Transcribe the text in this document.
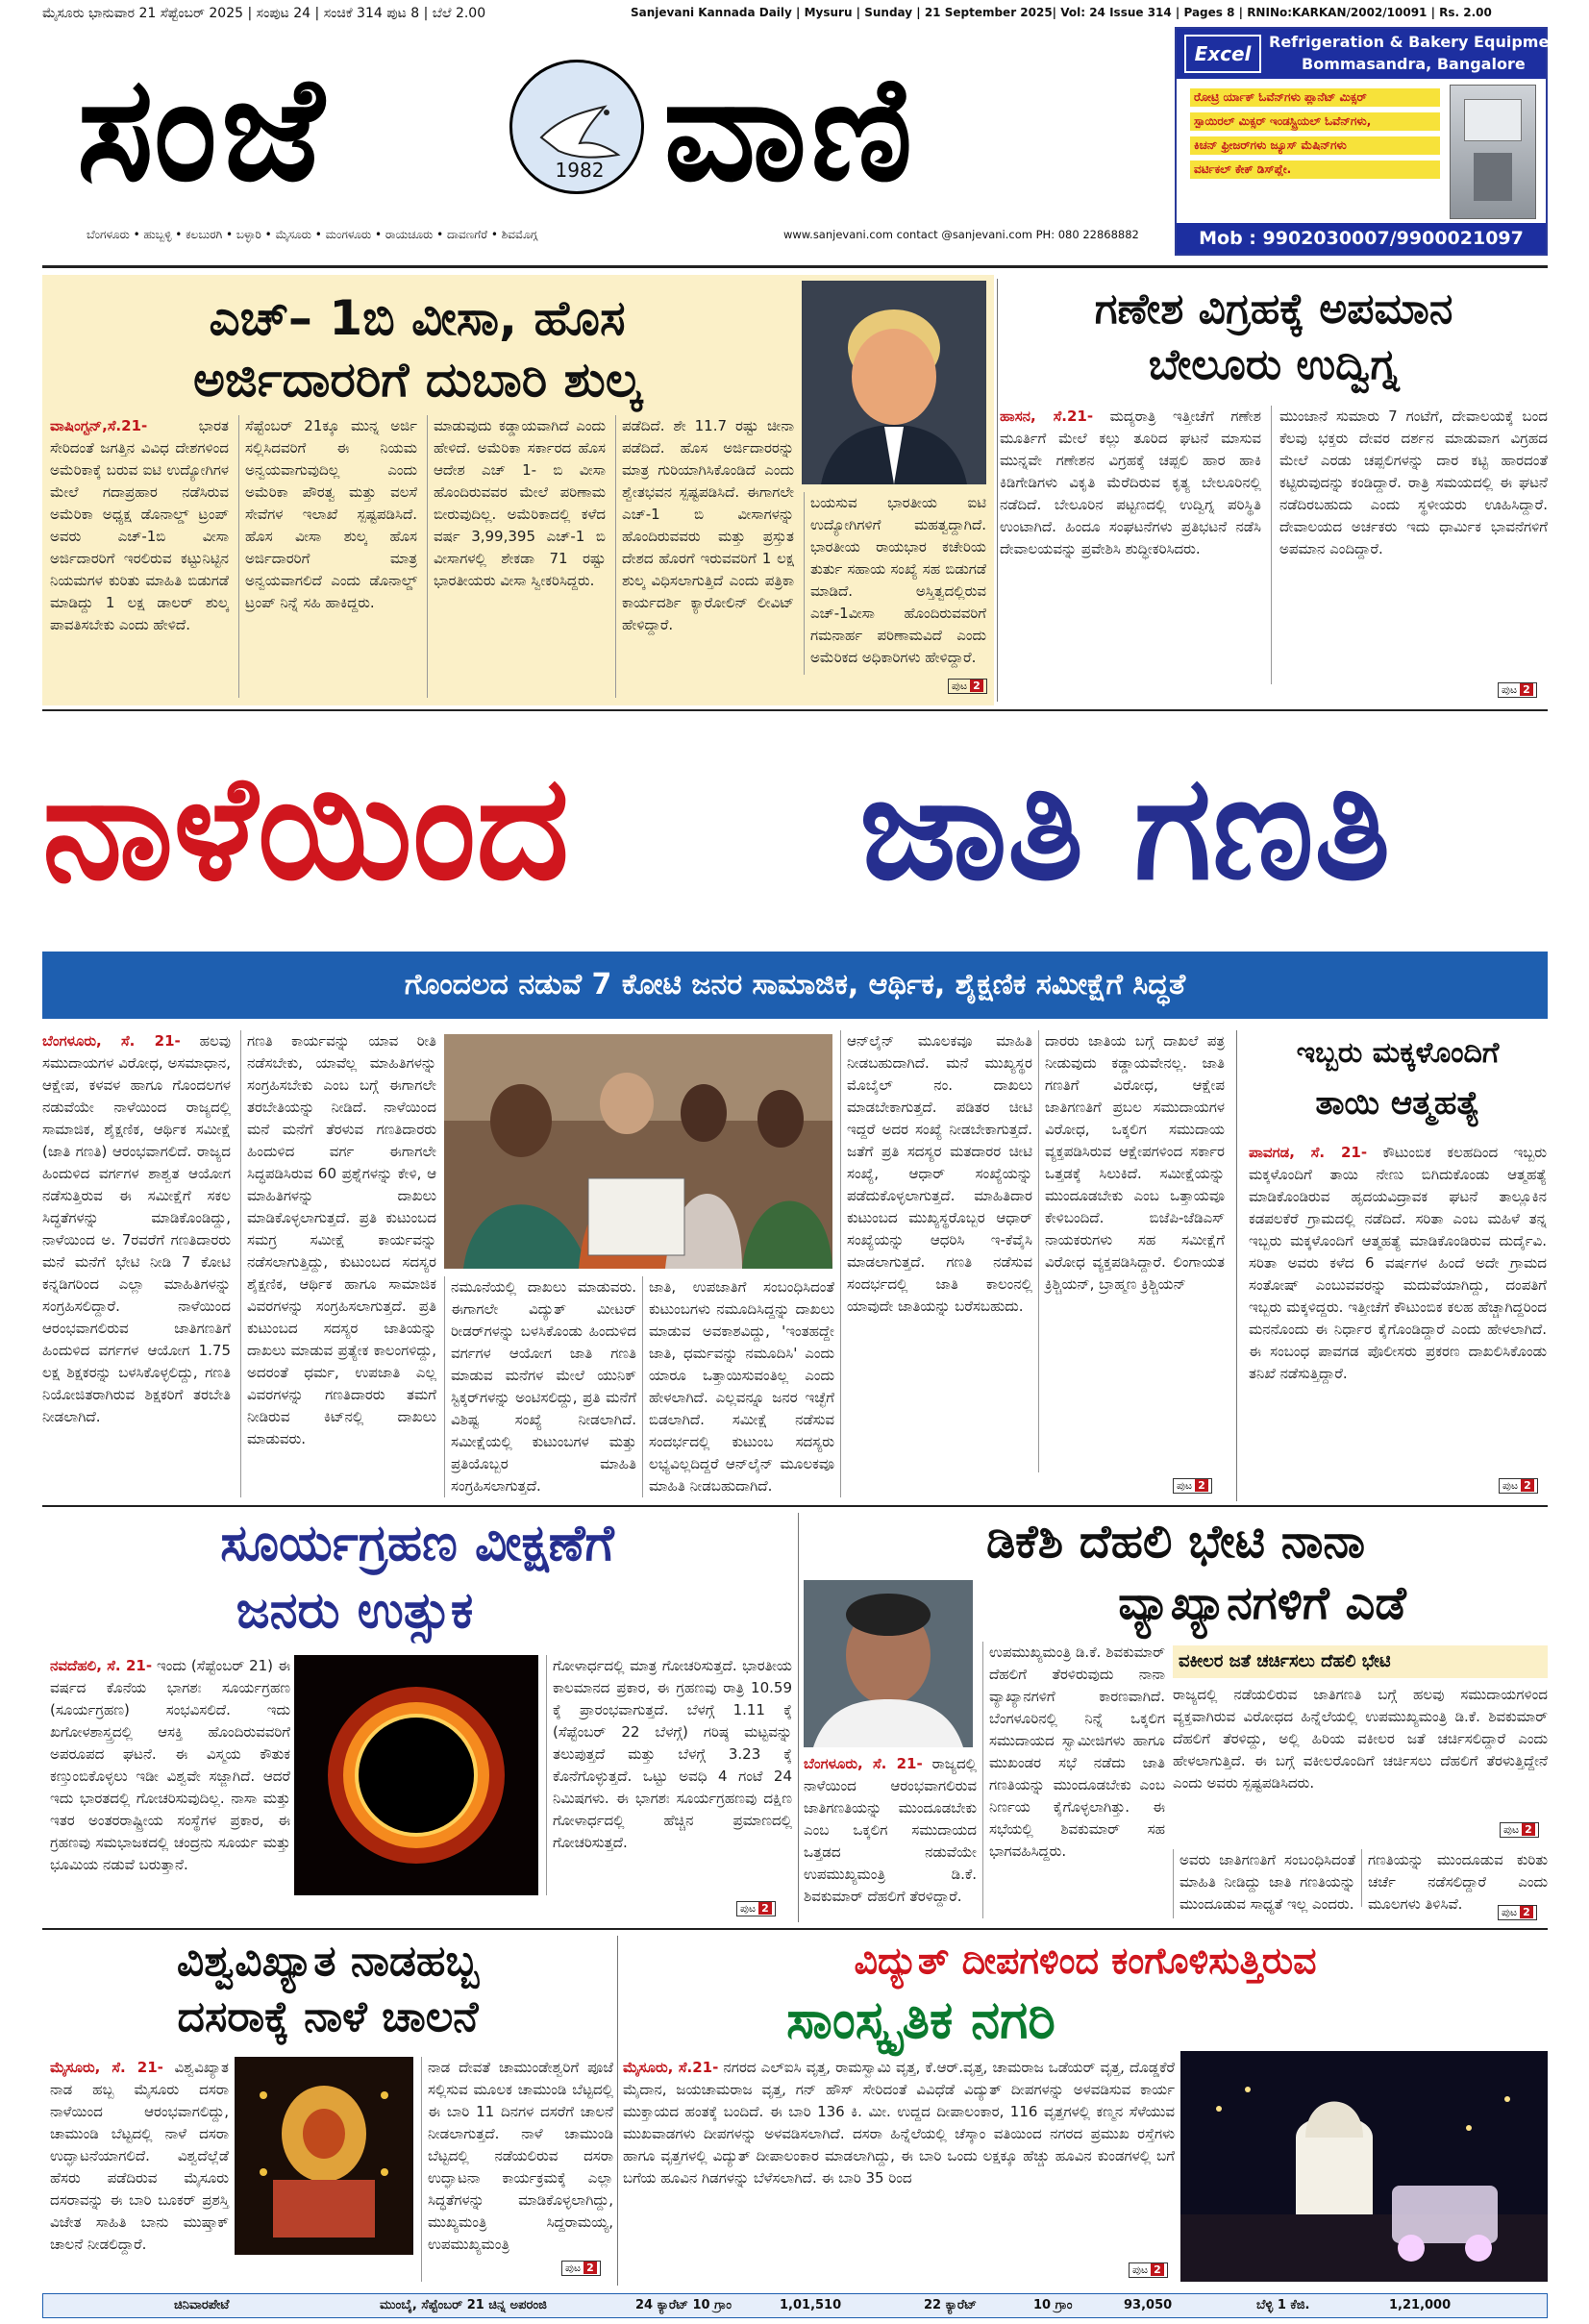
ಮೈಸೂರು ಭಾನುವಾರ 21 ಸೆಪ್ಟೆಂಬರ್ 2025 | ಸಂಪುಟ 24 | ಸಂಚಿಕೆ 314 ಪುಟ 8 | ಬೆಲೆ 2.00	Sanjevani Kannada Daily | Mysuru | Sunday | 21 September 2025| Vol: 24 Issue 314 | Pages 8 | RNINo:KARKAN/2002/10091 | Rs. 2.00
ಸಂಜೆ	1982 ವಾಣಿ
ಬೆಂಗಳೂರು • ಹುಬ್ಬಳ್ಳಿ • ಕಲಬುರಗಿ • ಬಳ್ಳಾರಿ • ಮೈಸೂರು • ಮಂಗಳೂರು • ರಾಯಚೂರು • ದಾವಣಗೆರೆ • ಶಿವಮೊಗ್ಗ	www.sanjevani.com contact @sanjevani.com PH: 080 22868882
Excel
Refrigeration & Bakery Equipment
Bommasandra, Bangalore
ರೋಟ್ರಿ ರ್ಯಾಕ್ ಓವೆನ್‌ಗಳು ಪ್ಲಾನೆಟ್ ಮಿಕ್ಸರ್
ಸ್ಪಾಯಿರಲ್ ಮಿಕ್ಸರ್ ಇಂಡಸ್ಟ್ರಿಯಲ್ ಓವೆನ್‌ಗಳು,
ಕಿಚನ್ ಫ್ರೀಜರ್‌ಗಳು ಜ್ಯೂಸ್ ಮೆಷಿನ್‌ಗಳು
ವರ್ಟಿಕಲ್ ಕೇಕ್ ಡಿಸ್‌ಪ್ಲೇ.
Mob : 9902030007/9900021097
ಎಚ್‌– 1ಬಿ ವೀಸಾ, ಹೊಸ
ಅರ್ಜಿದಾರರಿಗೆ ದುಬಾರಿ ಶುಲ್ಕ
ವಾಷಿಂಗ್ಟನ್,ಸೆ.21-	ಭಾರತ ಸೇರಿದಂತೆ ಜಗತ್ತಿನ ವಿವಿಧ ದೇಶಗಳಿಂದ ಅಮೆರಿಕಾಕ್ಕೆ ಬರುವ ಐಟಿ ಉದ್ಯೋಗಿಗಳ ಮೇಲೆ ಗದಾಪ್ರಹಾರ ನಡೆಸಿರುವ ಅಮೆರಿಕಾ ಅಧ್ಯಕ್ಷ ಡೊನಾಲ್ಡ್ ಟ್ರಂಪ್ ಅವರು ಎಚ್-1ಬಿ ವೀಸಾ ಅರ್ಜಿದಾರರಿಗೆ ಇರಲಿರುವ ಕಟ್ಟುನಿಟ್ಟಿನ ನಿಯಮಗಳ ಕುರಿತು ಮಾಹಿತಿ ಬಿಡುಗಡೆ ಮಾಡಿದ್ದು 1 ಲಕ್ಷ ಡಾಲರ್ ಶುಲ್ಕ ಪಾವತಿಸಬೇಕು ಎಂದು ಹೇಳಿದೆ.
ಸೆಪ್ಟೆಂಬರ್ 21ಕ್ಕೂ ಮುನ್ನ ಅರ್ಜಿ ಸಲ್ಲಿಸಿದವರಿಗೆ ಈ ನಿಯಮ ಅನ್ವಯವಾಗುವುದಿಲ್ಲ ಎಂದು ಅಮೆರಿಕಾ ಪೌರತ್ವ ಮತ್ತು ವಲಸೆ ಸೇವೆಗಳ ಇಲಾಖೆ ಸ್ಪಷ್ಟಪಡಿಸಿದೆ. ಹೊಸ ವೀಸಾ ಶುಲ್ಕ ಹೊಸ ಅರ್ಜಿದಾರರಿಗೆ ಮಾತ್ರ ಅನ್ವಯವಾಗಲಿದೆ ಎಂದು ಡೊನಾಲ್ಡ್ ಟ್ರಂಪ್ ನಿನ್ನೆ ಸಹಿ ಹಾಕಿದ್ದರು.
ಮಾಡುವುದು ಕಡ್ಡಾಯವಾಗಿದೆ ಎಂದು ಹೇಳಿದೆ. ಅಮೆರಿಕಾ ಸರ್ಕಾರದ ಹೊಸ ಆದೇಶ ಎಚ್ 1- ಬಿ ವೀಸಾ ಹೊಂದಿರುವವರ ಮೇಲೆ ಪರಿಣಾಮ ಬೀರುವುದಿಲ್ಲ. ಅಮೆರಿಕಾದಲ್ಲಿ ಕಳೆದ ವರ್ಷ 3,99,395 ಎಚ್-1 ಬಿ ವೀಸಾಗಳಲ್ಲಿ ಶೇಕಡಾ 71 ರಷ್ಟು ಭಾರತೀಯರು ವೀಸಾ ಸ್ವೀಕರಿಸಿದ್ದರು.
ಪಡೆದಿದೆ. ಶೇ 11.7 ರಷ್ಟು ಚೀನಾ ಪಡೆದಿದೆ. ಹೊಸ ಅರ್ಜಿದಾರರನ್ನು ಮಾತ್ರ ಗುರಿಯಾಗಿಸಿಕೊಂಡಿದೆ ಎಂದು ಶ್ವೇತಭವನ ಸ್ಪಷ್ಟಪಡಿಸಿದೆ. ಈಗಾಗಲೇ ಎಚ್-1 ಬಿ ವೀಸಾಗಳನ್ನು ಹೊಂದಿರುವವರು ಮತ್ತು ಪ್ರಸ್ತುತ ದೇಶದ ಹೊರಗೆ ಇರುವವರಿಗೆ 1 ಲಕ್ಷ ಶುಲ್ಕ ವಿಧಿಸಲಾಗುತ್ತಿದೆ ಎಂದು ಪತ್ರಿಕಾ ಕಾರ್ಯದರ್ಶಿ ಕ್ಯಾರೋಲಿನ್ ಲೀವಿಟ್ ಹೇಳಿದ್ದಾರೆ.
ಬಯಸುವ ಭಾರತೀಯ ಐಟಿ ಉದ್ಯೋಗಿಗಳಿಗೆ ಮಹತ್ವದ್ದಾಗಿದೆ. ಭಾರತೀಯ ರಾಯಭಾರ ಕಚೇರಿಯ ತುರ್ತು ಸಹಾಯ ಸಂಖ್ಯೆ ಸಹ ಬಿಡುಗಡೆ ಮಾಡಿದೆ. ಅಸ್ತಿತ್ವದಲ್ಲಿರುವ ಎಚ್-1ವೀಸಾ ಹೊಂದಿರುವವರಿಗೆ ಗಮನಾರ್ಹ ಪರಿಣಾಮವಿದೆ ಎಂದು ಅಮೆರಿಕದ ಅಧಿಕಾರಿಗಳು ಹೇಳಿದ್ದಾರೆ.
ಪುಟ 2
ಗಣೇಶ ವಿಗ್ರಹಕ್ಕೆ ಅಪಮಾನ
ಬೇಲೂರು ಉದ್ವಿಗ್ನ
ಹಾಸನ, ಸೆ.21- ಮದ್ಯರಾತ್ರಿ ಇತ್ತೀಚೆಗೆ ಗಣೇಶ ಮೂರ್ತಿಗೆ ಮೇಲೆ ಕಲ್ಲು ತೂರಿದ ಘಟನೆ ಮಾಸುವ ಮುನ್ನವೇ ಗಣೇಶನ ವಿಗ್ರಹಕ್ಕೆ ಚಪ್ಪಲಿ ಹಾರ ಹಾಕಿ ಕಿಡಿಗೇಡಿಗಳು ವಿಕೃತಿ ಮೆರೆದಿರುವ ಕೃತ್ಯ ಬೇಲೂರಿನಲ್ಲಿ ನಡೆದಿದೆ. ಬೇಲೂರಿನ ಪಟ್ಟಣದಲ್ಲಿ ಉದ್ವಿಗ್ನ ಪರಿಸ್ಥಿತಿ ಉಂಟಾಗಿದೆ. ಹಿಂದೂ ಸಂಘಟನೆಗಳು ಪ್ರತಿಭಟನೆ ನಡೆಸಿ ದೇವಾಲಯವನ್ನು ಪ್ರವೇಶಿಸಿ ಶುದ್ಧೀಕರಿಸಿದರು.
ಮುಂಜಾನೆ ಸುಮಾರು 7 ಗಂಟೆಗೆ, ದೇವಾಲಯಕ್ಕೆ ಬಂದ ಕೆಲವು ಭಕ್ತರು ದೇವರ ದರ್ಶನ ಮಾಡುವಾಗ ವಿಗ್ರಹದ ಮೇಲೆ ಎರಡು ಚಪ್ಪಲಿಗಳನ್ನು ದಾರ ಕಟ್ಟಿ ಹಾರದಂತೆ ಕಟ್ಟಿರುವುದನ್ನು ಕಂಡಿದ್ದಾರೆ. ರಾತ್ರಿ ಸಮಯದಲ್ಲಿ ಈ ಘಟನೆ ನಡೆದಿರಬಹುದು ಎಂದು ಸ್ಥಳೀಯರು ಊಹಿಸಿದ್ದಾರೆ. ದೇವಾಲಯದ ಅರ್ಚಕರು ಇದು ಧಾರ್ಮಿಕ ಭಾವನೆಗಳಿಗೆ ಅಪಮಾನ ಎಂದಿದ್ದಾರೆ.
ಪುಟ 2
ನಾಳೆಯಿಂದ ಜಾತಿ ಗಣತಿ
ಗೊಂದಲದ ನಡುವೆ 7 ಕೋಟಿ ಜನರ ಸಾಮಾಜಿಕ, ಆರ್ಥಿಕ, ಶೈಕ್ಷಣಿಕ ಸಮೀಕ್ಷೆಗೆ ಸಿದ್ಧತೆ
ಬೆಂಗಳೂರು, ಸೆ. 21- ಹಲವು ಸಮುದಾಯಗಳ ವಿರೋಧ, ಅಸಮಾಧಾನ, ಆಕ್ಷೇಪ, ಕಳವಳ ಹಾಗೂ ಗೊಂದಲಗಳ ನಡುವೆಯೇ ನಾಳೆಯಿಂದ ರಾಜ್ಯದಲ್ಲಿ ಸಾಮಾಜಿಕ, ಶೈಕ್ಷಣಿಕ, ಆರ್ಥಿಕ ಸಮೀಕ್ಷೆ (ಜಾತಿ ಗಣತಿ) ಆರಂಭವಾಗಲಿದೆ. ರಾಜ್ಯದ ಹಿಂದುಳಿದ ವರ್ಗಗಳ ಶಾಶ್ವತ ಆಯೋಗ ನಡೆಸುತ್ತಿರುವ ಈ ಸಮೀಕ್ಷೆಗೆ ಸಕಲ ಸಿದ್ಧತೆಗಳನ್ನು ಮಾಡಿಕೊಂಡಿದ್ದು, ನಾಳೆಯಿಂದ ಅ. 7ರವರೆಗೆ ಗಣತಿದಾರರು ಮನೆ ಮನೆಗೆ ಭೇಟಿ ನೀಡಿ 7 ಕೋಟಿ ಕನ್ನಡಿಗರಿಂದ ಎಲ್ಲಾ ಮಾಹಿತಿಗಳನ್ನು ಸಂಗ್ರಹಿಸಲಿದ್ದಾರೆ. ನಾಳೆಯಿಂದ ಆರಂಭವಾಗಲಿರುವ ಜಾತಿಗಣತಿಗೆ ಹಿಂದುಳಿದ ವರ್ಗಗಳ ಆಯೋಗ 1.75 ಲಕ್ಷ ಶಿಕ್ಷಕರನ್ನು ಬಳಸಿಕೊಳ್ಳಲಿದ್ದು, ಗಣತಿ ನಿಯೋಜಿತರಾಗಿರುವ ಶಿಕ್ಷಕರಿಗೆ ತರಬೇತಿ ನೀಡಲಾಗಿದೆ.
ಗಣತಿ ಕಾರ್ಯವನ್ನು ಯಾವ ರೀತಿ ನಡೆಸಬೇಕು, ಯಾವೆಲ್ಲ ಮಾಹಿತಿಗಳನ್ನು ಸಂಗ್ರಹಿಸಬೇಕು ಎಂಬ ಬಗ್ಗೆ ಈಗಾಗಲೇ ತರಬೇತಿಯನ್ನು ನೀಡಿದೆ. ನಾಳೆಯಿಂದ ಮನೆ ಮನೆಗೆ ತೆರಳುವ ಗಣತಿದಾರರು ಹಿಂದುಳಿದ ವರ್ಗ ಈಗಾಗಲೇ ಸಿದ್ಧಪಡಿಸಿರುವ 60 ಪ್ರಶ್ನೆಗಳನ್ನು ಕೇಳಿ, ಆ ಮಾಹಿತಿಗಳನ್ನು ದಾಖಲು ಮಾಡಿಕೊಳ್ಳಲಾಗುತ್ತದೆ. ಪ್ರತಿ ಕುಟುಂಬದ ಸಮಗ್ರ ಸಮೀಕ್ಷೆ ಕಾರ್ಯವನ್ನು ನಡೆಸಲಾಗುತ್ತಿದ್ದು, ಕುಟುಂಬದ ಸದಸ್ಯರ ಶೈಕ್ಷಣಿಕ, ಆರ್ಥಿಕ ಹಾಗೂ ಸಾಮಾಜಿಕ ವಿವರಗಳನ್ನು ಸಂಗ್ರಹಿಸಲಾಗುತ್ತದೆ. ಪ್ರತಿ ಕುಟುಂಬದ ಸದಸ್ಯರ ಜಾತಿಯನ್ನು ದಾಖಲು ಮಾಡುವ ಪ್ರತ್ಯೇಕ ಕಾಲಂಗಳಿದ್ದು, ಅದರಂತೆ ಧರ್ಮ, ಉಪಜಾತಿ ಎಲ್ಲ ವಿವರಗಳನ್ನು ಗಣತಿದಾರರು ತಮಗೆ ನೀಡಿರುವ ಕಿಟ್‌ನಲ್ಲಿ ದಾಖಲು ಮಾಡುವರು.
ನಮೂನೆಯಲ್ಲಿ ದಾಖಲು ಮಾಡುವರು. ಈಗಾಗಲೇ ವಿದ್ಯುತ್ ಮೀಟರ್ ರೀಡರ್‌ಗಳನ್ನು ಬಳಸಿಕೊಂಡು ಹಿಂದುಳಿದ ವರ್ಗಗಳ ಆಯೋಗ ಜಾತಿ ಗಣತಿ ಮಾಡುವ ಮನೆಗಳ ಮೇಲೆ ಯುನಿಕ್ ಸ್ಟಿಕ್ಕರ್‌ಗಳನ್ನು ಅಂಟಿಸಲಿದ್ದು, ಪ್ರತಿ ಮನೆಗೆ ವಿಶಿಷ್ಟ ಸಂಖ್ಯೆ ನೀಡಲಾಗಿದೆ. ಸಮೀಕ್ಷೆಯಲ್ಲಿ ಕುಟುಂಬಗಳ ಮತ್ತು ಪ್ರತಿಯೊಬ್ಬರ ಮಾಹಿತಿ ಸಂಗ್ರಹಿಸಲಾಗುತ್ತದೆ.
ಜಾತಿ, ಉಪಜಾತಿಗೆ ಸಂಬಂಧಿಸಿದಂತೆ ಕುಟುಂಬಗಳು ನಮೂದಿಸಿದ್ದನ್ನು ದಾಖಲು ಮಾಡುವ ಅವಕಾಶವಿದ್ದು, 'ಇಂತಹದ್ದೇ ಜಾತಿ, ಧರ್ಮವನ್ನು ನಮೂದಿಸಿ' ಎಂದು ಯಾರೂ ಒತ್ತಾಯಿಸುವಂತಿಲ್ಲ ಎಂದು ಹೇಳಲಾಗಿದೆ. ಎಲ್ಲವನ್ನೂ ಜನರ ಇಚ್ಛೆಗೆ ಬಿಡಲಾಗಿದೆ. ಸಮೀಕ್ಷೆ ನಡೆಸುವ ಸಂದರ್ಭದಲ್ಲಿ ಕುಟುಂಬ ಸದಸ್ಯರು ಲಭ್ಯವಿಲ್ಲದಿದ್ದರೆ ಆನ್‌ಲೈನ್ ಮೂಲಕವೂ ಮಾಹಿತಿ ನೀಡಬಹುದಾಗಿದೆ.
ಆನ್‌ಲೈನ್ ಮೂಲಕವೂ ಮಾಹಿತಿ ನೀಡಬಹುದಾಗಿದೆ. ಮನೆ ಮುಖ್ಯಸ್ಥರ ಮೊಬೈಲ್ ನಂ. ದಾಖಲು ಮಾಡಬೇಕಾಗುತ್ತದೆ. ಪಡಿತರ ಚೀಟಿ ಇದ್ದರೆ ಅದರ ಸಂಖ್ಯೆ ನೀಡಬೇಕಾಗುತ್ತದೆ. ಜತೆಗೆ ಪ್ರತಿ ಸದಸ್ಯರ ಮತದಾರರ ಚೀಟಿ ಸಂಖ್ಯೆ, ಆಧಾರ್ ಸಂಖ್ಯೆಯನ್ನು ಪಡೆದುಕೊಳ್ಳಲಾಗುತ್ತದೆ. ಮಾಹಿತಿದಾರ ಕುಟುಂಬದ ಮುಖ್ಯಸ್ಥರೊಬ್ಬರ ಆಧಾರ್ ಸಂಖ್ಯೆಯನ್ನು ಆಧರಿಸಿ ಇ-ಕೆವೈಸಿ ಮಾಡಲಾಗುತ್ತದೆ. ಗಣತಿ ನಡೆಸುವ ಸಂದರ್ಭದಲ್ಲಿ ಜಾತಿ ಕಾಲಂನಲ್ಲಿ ಯಾವುದೇ ಜಾತಿಯನ್ನು ಬರೆಸಬಹುದು.
ದಾರರು ಜಾತಿಯ ಬಗ್ಗೆ ದಾಖಲೆ ಪತ್ರ ನೀಡುವುದು ಕಡ್ಡಾಯವೇನಲ್ಲ. ಜಾತಿ ಗಣತಿಗೆ ವಿರೋಧ, ಆಕ್ಷೇಪ ಜಾತಿಗಣತಿಗೆ ಪ್ರಬಲ ಸಮುದಾಯಗಳ ವಿರೋಧ, ಒಕ್ಕಲಿಗ ಸಮುದಾಯ ವ್ಯಕ್ತಪಡಿಸಿರುವ ಆಕ್ಷೇಪಗಳಿಂದ ಸರ್ಕಾರ ಒತ್ತಡಕ್ಕೆ ಸಿಲುಕಿದೆ. ಸಮೀಕ್ಷೆಯನ್ನು ಮುಂದೂಡಬೇಕು ಎಂಬ ಒತ್ತಾಯವೂ ಕೇಳಿಬಂದಿದೆ. ಬಿಜೆಪಿ-ಜೆಡಿಎಸ್ ನಾಯಕರುಗಳು ಸಹ ಸಮೀಕ್ಷೆಗೆ ವಿರೋಧ ವ್ಯಕ್ತಪಡಿಸಿದ್ದಾರೆ. ಲಿಂಗಾಯತ ಕ್ರಿಶ್ಚಿಯನ್, ಬ್ರಾಹ್ಮಣ ಕ್ರಿಶ್ಚಿಯನ್
ಪುಟ 2
ಇಬ್ಬರು ಮಕ್ಕಳೊಂದಿಗೆ
ತಾಯಿ ಆತ್ಮಹತ್ಯೆ
ಪಾವಗಡ, ಸೆ. 21- ಕೌಟುಂಬಿಕ ಕಲಹದಿಂದ ಇಬ್ಬರು ಮಕ್ಕಳೊಂದಿಗೆ ತಾಯಿ ನೇಣು ಬಿಗಿದುಕೊಂಡು ಆತ್ಮಹತ್ಯೆ ಮಾಡಿಕೊಂಡಿರುವ ಹೃದಯವಿದ್ರಾವಕ ಘಟನೆ ತಾಲ್ಲೂಕಿನ ಕಡಪಲಕೆರೆ ಗ್ರಾಮದಲ್ಲಿ ನಡೆದಿದೆ. ಸರಿತಾ ಎಂಬ ಮಹಿಳೆ ತನ್ನ ಇಬ್ಬರು ಮಕ್ಕಳೊಂದಿಗೆ ಆತ್ಮಹತ್ಯೆ ಮಾಡಿಕೊಂಡಿರುವ ದುರ್ದೈವಿ. ಸರಿತಾ ಅವರು ಕಳೆದ 6 ವರ್ಷಗಳ ಹಿಂದೆ ಅದೇ ಗ್ರಾಮದ ಸಂತೋಷ್ ಎಂಬುವವರನ್ನು ಮದುವೆಯಾಗಿದ್ದು, ದಂಪತಿಗೆ ಇಬ್ಬರು ಮಕ್ಕಳಿದ್ದರು. ಇತ್ತೀಚೆಗೆ ಕೌಟುಂಬಿಕ ಕಲಹ ಹೆಚ್ಚಾಗಿದ್ದರಿಂದ ಮನನೊಂದು ಈ ನಿರ್ಧಾರ ಕೈಗೊಂಡಿದ್ದಾರೆ ಎಂದು ಹೇಳಲಾಗಿದೆ. ಈ ಸಂಬಂಧ ಪಾವಗಡ ಪೊಲೀಸರು ಪ್ರಕರಣ ದಾಖಲಿಸಿಕೊಂಡು ತನಿಖೆ ನಡೆಸುತ್ತಿದ್ದಾರೆ.
ಪುಟ 2
ಸೂರ್ಯಗ್ರಹಣ ವೀಕ್ಷಣೆಗೆ
ಜನರು ಉತ್ಸುಕ
ನವದೆಹಲಿ, ಸೆ. 21- ಇಂದು (ಸೆಪ್ಟೆಂಬರ್ 21) ಈ ವರ್ಷದ ಕೊನೆಯ ಭಾಗಶಃ ಸೂರ್ಯಗ್ರಹಣ (ಸೂರ್ಯಗ್ರಹಣ) ಸಂಭವಿಸಲಿದೆ. ಇದು ಖಗೋಳಶಾಸ್ತ್ರದಲ್ಲಿ ಆಸಕ್ತಿ ಹೊಂದಿರುವವರಿಗೆ ಅಪರೂಪದ ಘಟನೆ. ಈ ವಿಸ್ಮಯ ಕೌತುಕ ಕಣ್ತುಂಬಿಕೊಳ್ಳಲು ಇಡೀ ವಿಶ್ವವೇ ಸಜ್ಜಾಗಿದೆ. ಆದರೆ ಇದು ಭಾರತದಲ್ಲಿ ಗೋಚರಿಸುವುದಿಲ್ಲ. ನಾಸಾ ಮತ್ತು ಇತರ ಅಂತರರಾಷ್ಟ್ರೀಯ ಸಂಸ್ಥೆಗಳ ಪ್ರಕಾರ, ಈ ಗ್ರಹಣವು ಸಮಭಾಜಕದಲ್ಲಿ ಚಂದ್ರನು ಸೂರ್ಯ ಮತ್ತು ಭೂಮಿಯ ನಡುವೆ ಬರುತ್ತಾನೆ.
ಗೋಳಾರ್ಧದಲ್ಲಿ ಮಾತ್ರ ಗೋಚರಿಸುತ್ತದೆ. ಭಾರತೀಯ ಕಾಲಮಾನದ ಪ್ರಕಾರ, ಈ ಗ್ರಹಣವು ರಾತ್ರಿ 10.59 ಕ್ಕೆ ಪ್ರಾರಂಭವಾಗುತ್ತದೆ. ಬೆಳಗ್ಗೆ 1.11 ಕ್ಕೆ (ಸೆಪ್ಟೆಂಬರ್ 22 ಬೆಳಗ್ಗೆ) ಗರಿಷ್ಠ ಮಟ್ಟವನ್ನು ತಲುಪುತ್ತದೆ ಮತ್ತು ಬೆಳಗ್ಗೆ 3.23 ಕ್ಕೆ ಕೊನೆಗೊಳ್ಳುತ್ತದೆ. ಒಟ್ಟು ಅವಧಿ 4 ಗಂಟೆ 24 ನಿಮಿಷಗಳು. ಈ ಭಾಗಶಃ ಸೂರ್ಯಗ್ರಹಣವು ದಕ್ಷಿಣ ಗೋಳಾರ್ಧದಲ್ಲಿ ಹೆಚ್ಚಿನ ಪ್ರಮಾಣದಲ್ಲಿ ಗೋಚರಿಸುತ್ತದೆ.
ಪುಟ 2
ಡಿಕೆಶಿ ದೆಹಲಿ ಭೇಟಿ ನಾನಾ
ವ್ಯಾಖ್ಯಾನಗಳಿಗೆ ಎಡೆ
ಬೆಂಗಳೂರು, ಸೆ. 21- ರಾಜ್ಯದಲ್ಲಿ ನಾಳೆಯಿಂದ ಆರಂಭವಾಗಲಿರುವ ಜಾತಿಗಣತಿಯನ್ನು ಮುಂದೂಡಬೇಕು ಎಂಬ ಒಕ್ಕಲಿಗ ಸಮುದಾಯದ ಒತ್ತಡದ ನಡುವೆಯೇ ಉಪಮುಖ್ಯಮಂತ್ರಿ ಡಿ.ಕೆ. ಶಿವಕುಮಾರ್ ದೆಹಲಿಗೆ ತೆರಳಿದ್ದಾರೆ.
ಉಪಮುಖ್ಯಮಂತ್ರಿ ಡಿ.ಕೆ. ಶಿವಕುಮಾರ್ ದೆಹಲಿಗೆ ತೆರಳಿರುವುದು ನಾನಾ ವ್ಯಾಖ್ಯಾನಗಳಿಗೆ ಕಾರಣವಾಗಿದೆ. ಬೆಂಗಳೂರಿನಲ್ಲಿ ನಿನ್ನೆ ಒಕ್ಕಲಿಗ ಸಮುದಾಯದ ಸ್ವಾಮೀಜಿಗಳು ಹಾಗೂ ಮುಖಂಡರ ಸಭೆ ನಡೆದು ಜಾತಿ ಗಣತಿಯನ್ನು ಮುಂದೂಡಬೇಕು ಎಂಬ ನಿರ್ಣಯ ಕೈಗೊಳ್ಳಲಾಗಿತ್ತು. ಈ ಸಭೆಯಲ್ಲಿ ಶಿವಕುಮಾರ್ ಸಹ ಭಾಗವಹಿಸಿದ್ದರು.
ವಕೀಲರ ಜತೆ ಚರ್ಚಿಸಲು ದೆಹಲಿ ಭೇಟಿ
ರಾಜ್ಯದಲ್ಲಿ ನಡೆಯಲಿರುವ ಜಾತಿಗಣತಿ ಬಗ್ಗೆ ಹಲವು ಸಮುದಾಯಗಳಿಂದ ವ್ಯಕ್ತವಾಗಿರುವ ವಿರೋಧದ ಹಿನ್ನೆಲೆಯಲ್ಲಿ ಉಪಮುಖ್ಯಮಂತ್ರಿ ಡಿ.ಕೆ. ಶಿವಕುಮಾರ್ ದೆಹಲಿಗೆ ತೆರಳಿದ್ದು, ಅಲ್ಲಿ ಹಿರಿಯ ವಕೀಲರ ಜತೆ ಚರ್ಚಿಸಲಿದ್ದಾರೆ ಎಂದು ಹೇಳಲಾಗುತ್ತಿದೆ. ಈ ಬಗ್ಗೆ ವಕೀಲರೊಂದಿಗೆ ಚರ್ಚಿಸಲು ದೆಹಲಿಗೆ ತೆರಳುತ್ತಿದ್ದೇನೆ ಎಂದು ಅವರು ಸ್ಪಷ್ಟಪಡಿಸಿದರು.
ಪುಟ 2
ಅವರು ಜಾತಿಗಣತಿಗೆ ಸಂಬಂಧಿಸಿದಂತೆ ಮಾಹಿತಿ ನೀಡಿದ್ದು ಜಾತಿ ಗಣತಿಯನ್ನು ಮುಂದೂಡುವ ಸಾಧ್ಯತೆ ಇಲ್ಲ ಎಂದರು.
ಗಣತಿಯನ್ನು ಮುಂದೂಡುವ ಕುರಿತು ಚರ್ಚೆ ನಡೆಸಲಿದ್ದಾರೆ ಎಂದು ಮೂಲಗಳು ತಿಳಿಸಿವೆ.	ಪುಟ 2
ವಿಶ್ವವಿಖ್ಯಾತ ನಾಡಹಬ್ಬ
ದಸರಾಕ್ಕೆ ನಾಳೆ ಚಾಲನೆ
ಮೈಸೂರು, ಸೆ. 21- ವಿಶ್ವವಿಖ್ಯಾತ ನಾಡ ಹಬ್ಬ ಮೈಸೂರು ದಸರಾ ನಾಳೆಯಿಂದ ಆರಂಭವಾಗಲಿದ್ದು, ಚಾಮುಂಡಿ ಬೆಟ್ಟದಲ್ಲಿ ನಾಳೆ ದಸರಾ ಉದ್ಘಾಟನೆಯಾಗಲಿದೆ. ವಿಶ್ವದೆಲ್ಲೆಡೆ ಹೆಸರು ಪಡೆದಿರುವ ಮೈಸೂರು ದಸರಾವನ್ನು ಈ ಬಾರಿ ಬೂಕರ್ ಪ್ರಶಸ್ತಿ ವಿಜೇತ ಸಾಹಿತಿ ಬಾನು ಮುಷ್ತಾಕ್ ಚಾಲನೆ ನೀಡಲಿದ್ದಾರೆ.
ನಾಡ ದೇವತೆ ಚಾಮುಂಡೇಶ್ವರಿಗೆ ಪೂಜೆ ಸಲ್ಲಿಸುವ ಮೂಲಕ ಚಾಮುಂಡಿ ಬೆಟ್ಟದಲ್ಲಿ ಈ ಬಾರಿ 11 ದಿನಗಳ ದಸರೆಗೆ ಚಾಲನೆ ನೀಡಲಾಗುತ್ತದೆ. ನಾಳೆ ಚಾಮುಂಡಿ ಬೆಟ್ಟದಲ್ಲಿ ನಡೆಯಲಿರುವ ದಸರಾ ಉದ್ಘಾಟನಾ ಕಾರ್ಯಕ್ರಮಕ್ಕೆ ಎಲ್ಲಾ ಸಿದ್ಧತೆಗಳನ್ನು ಮಾಡಿಕೊಳ್ಳಲಾಗಿದ್ದು, ಮುಖ್ಯಮಂತ್ರಿ ಸಿದ್ದರಾಮಯ್ಯ, ಉಪಮುಖ್ಯಮಂತ್ರಿ
ಪುಟ 2
ವಿದ್ಯುತ್ ದೀಪಗಳಿಂದ ಕಂಗೊಳಿಸುತ್ತಿರುವ
ಸಾಂಸ್ಕೃತಿಕ ನಗರಿ
ಮೈಸೂರು, ಸೆ.21- ನಗರದ ಎಲ್‌ಐಸಿ ವೃತ್ತ, ರಾಮಸ್ವಾಮಿ ವೃತ್ತ, ಕೆ.ಆರ್.ವೃತ್ತ, ಚಾಮರಾಜ ಒಡೆಯರ್ ವೃತ್ತ, ದೊಡ್ಡಕೆರೆ ಮೈದಾನ, ಜಯಚಾಮರಾಜ ವೃತ್ತ, ಗನ್ ಹೌಸ್ ಸೇರಿದಂತೆ ವಿವಿಧೆಡೆ ವಿದ್ಯುತ್ ದೀಪಗಳನ್ನು ಅಳವಡಿಸುವ ಕಾರ್ಯ ಮುಕ್ತಾಯದ ಹಂತಕ್ಕೆ ಬಂದಿದೆ. ಈ ಬಾರಿ 136 ಕಿ. ಮೀ. ಉದ್ದದ ದೀಪಾಲಂಕಾರ, 116 ವೃತ್ತಗಳಲ್ಲಿ ಕಣ್ಮನ ಸೆಳೆಯುವ ಮುಖವಾಡಗಳು ದೀಪಗಳನ್ನು ಅಳವಡಿಸಲಾಗಿದೆ. ದಸರಾ ಹಿನ್ನೆಲೆಯಲ್ಲಿ ಚೆಸ್ಕಾಂ ವತಿಯಿಂದ ನಗರದ ಪ್ರಮುಖ ರಸ್ತೆಗಳು ಹಾಗೂ ವೃತ್ತಗಳಲ್ಲಿ ವಿದ್ಯುತ್ ದೀಪಾಲಂಕಾರ ಮಾಡಲಾಗಿದ್ದು, ಈ ಬಾರಿ ಒಂದು ಲಕ್ಷಕ್ಕೂ ಹೆಚ್ಚು ಹೂವಿನ ಕುಂಡಗಳಲ್ಲಿ ಬಗೆ ಬಗೆಯ ಹೂವಿನ ಗಿಡಗಳನ್ನು ಬೆಳೆಸಲಾಗಿದೆ. ಈ ಬಾರಿ 35 ರಿಂದ
ಪುಟ 2
ಚಿನಿವಾರಪೇಟೆ	ಮುಂಬೈ, ಸೆಪ್ಟೆಂಬರ್ 21 ಚಿನ್ನ ಅಪರಂಜಿ	24 ಕ್ಯಾರೆಟ್ 10 ಗ್ರಾಂ	1,01,510	22 ಕ್ಯಾರೆಟ್	10 ಗ್ರಾಂ	93,050	ಬೆಳ್ಳಿ 1 ಕೆಜಿ.	1,21,000
